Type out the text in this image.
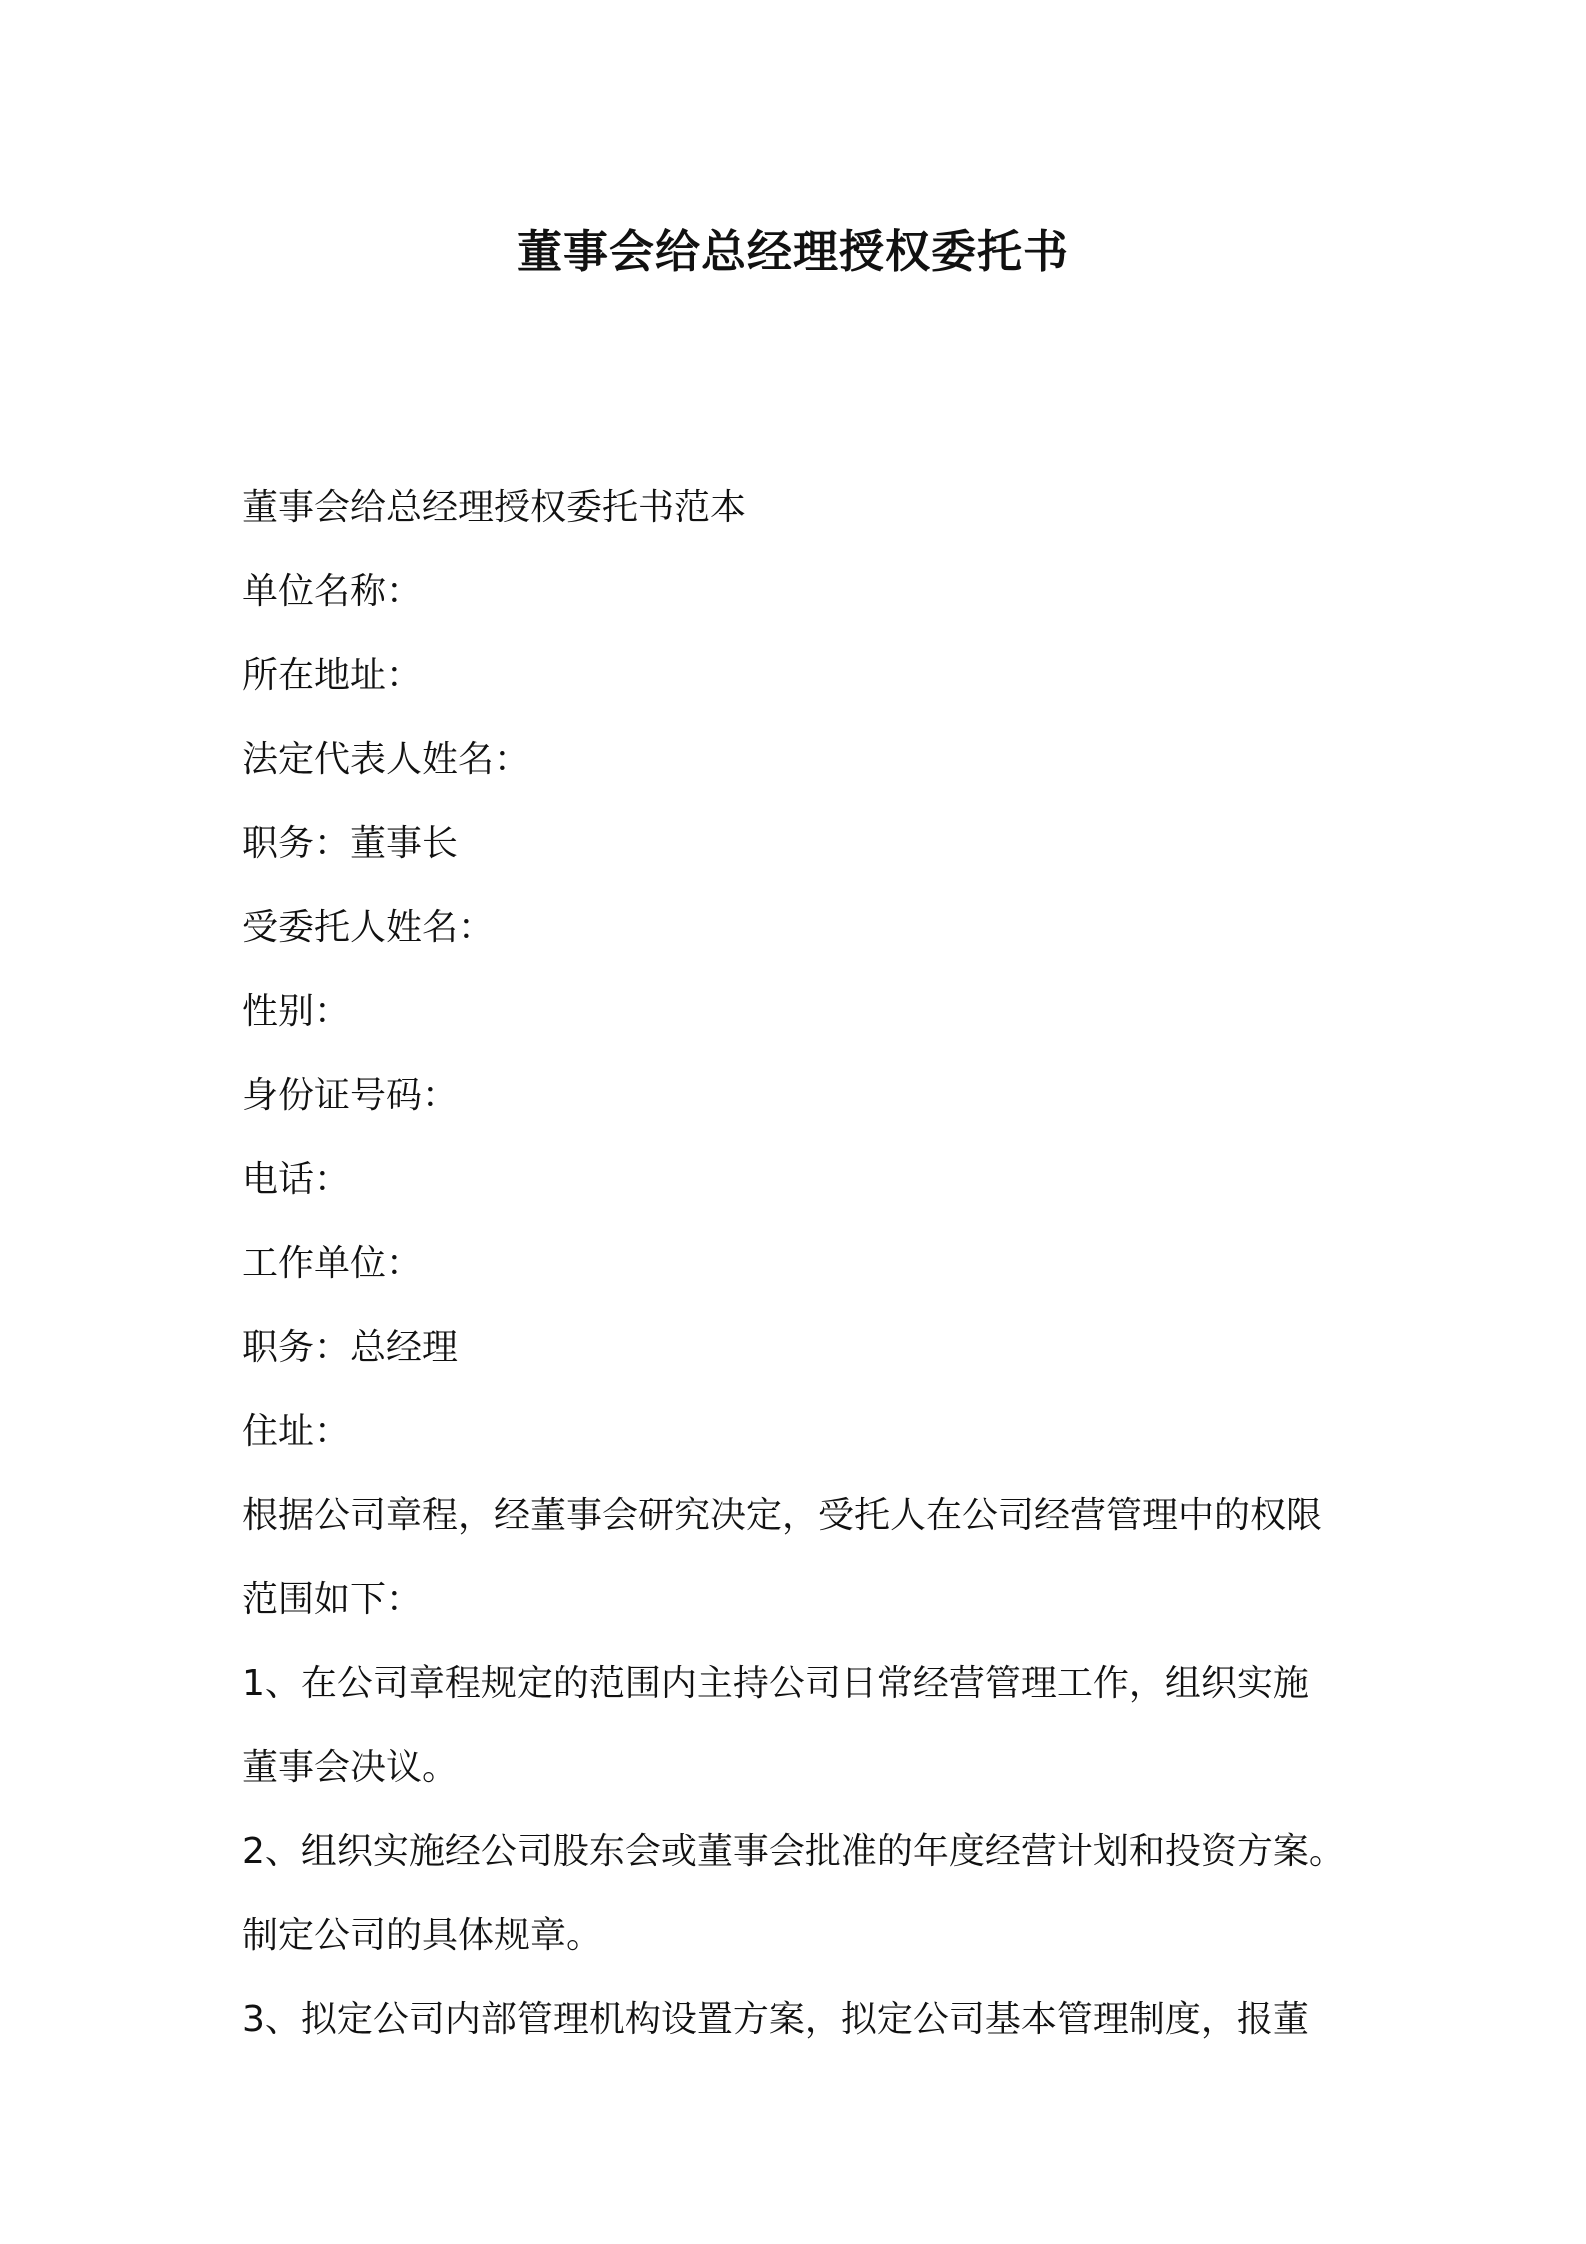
董事会给总经理授权委托书

董事会给总经理授权委托书范本

单位名称：

所在地址：

法定代表人姓名：

职务：董事长

受委托人姓名：

性别：

身份证号码：

电话：

工作单位：

职务：总经理

住址：

根据公司章程，经董事会研究决定，受托人在公司经营管理中的权限

范围如下：

1、在公司章程规定的范围内主持公司日常经营管理工作，组织实施

董事会决议。

2、组织实施经公司股东会或董事会批准的年度经营计划和投资方案。

制定公司的具体规章。

3、拟定公司内部管理机构设置方案，拟定公司基本管理制度，报董
